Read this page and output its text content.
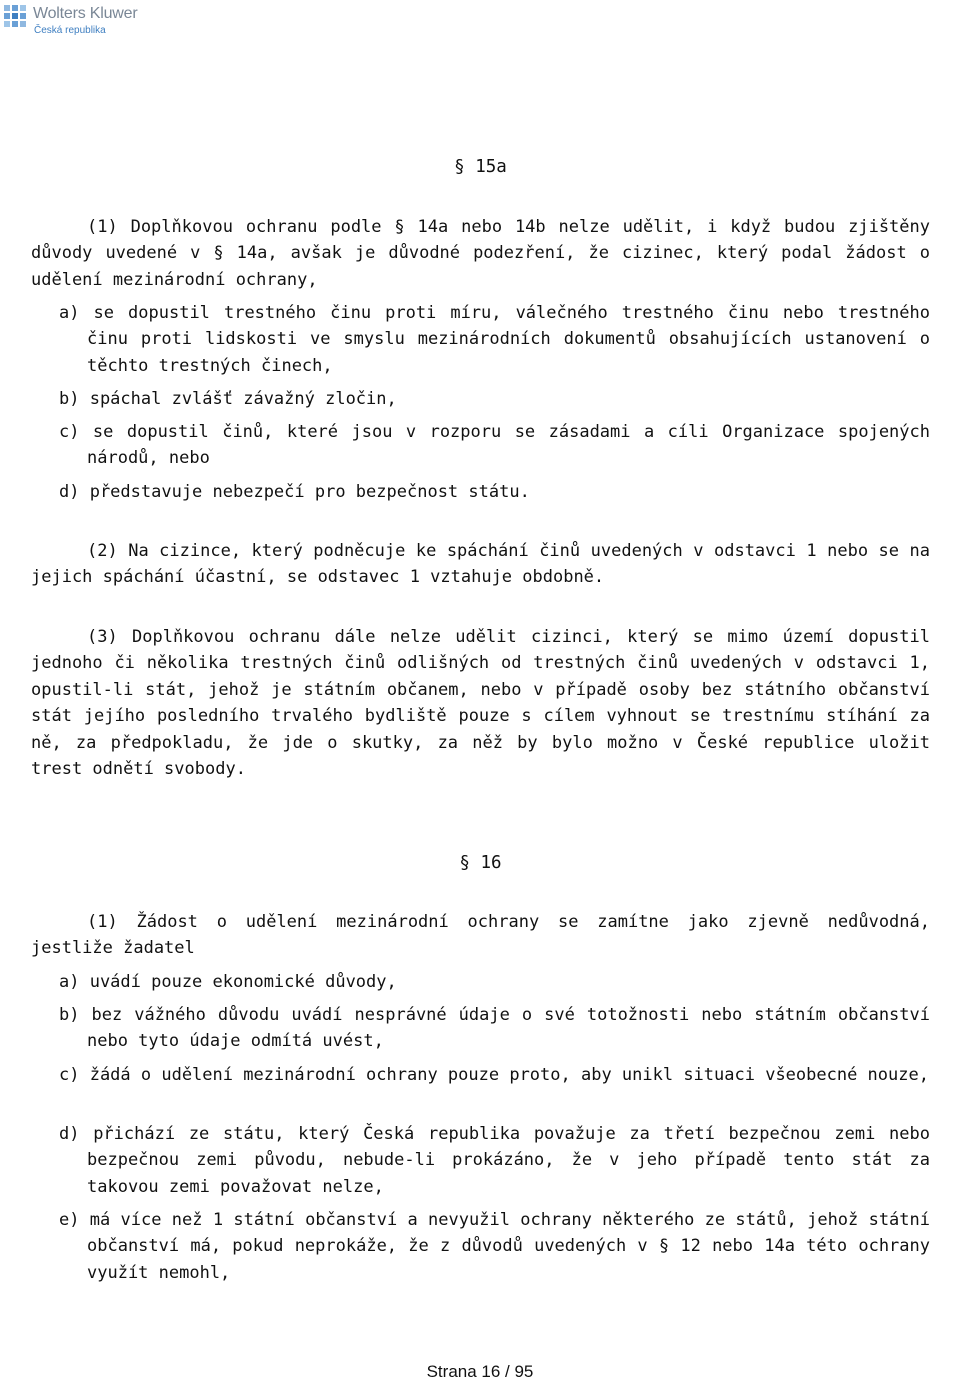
Wolters Kluwer
Česká republika
§ 15a

(1) Doplňkovou ochranu podle § 14a nebo 14b nelze udělit, i když budou zjištěny důvody uvedené v § 14a, avšak je důvodné podezření, že cizinec, který podal žádost o udělení mezinárodní ochrany,

a) se dopustil trestného činu proti míru, válečného trestného činu nebo trestného činu proti lidskosti ve smyslu mezinárodních dokumentů obsahujících ustanovení o těchto trestných činech,

b) spáchal zvlášť závažný zločin,

c) se dopustil činů, které jsou v rozporu se zásadami a cíli Organizace spojených národů, nebo

d) představuje nebezpečí pro bezpečnost státu.

(2) Na cizince, který podněcuje ke spáchání činů uvedených v odstavci 1 nebo se na jejich spáchání účastní, se odstavec 1 vztahuje obdobně.

(3) Doplňkovou ochranu dále nelze udělit cizinci, který se mimo území dopustil jednoho či několika trestných činů odlišných od trestných činů uvedených v odstavci 1, opustil-li stát, jehož je státním občanem, nebo v případě osoby bez státního občanství stát jejího posledního trvalého bydliště pouze s cílem vyhnout se trestnímu stíhání za ně, za předpokladu, že jde o skutky, za něž by bylo možno v České republice uložit trest odnětí svobody.

§ 16

(1) Žádost o udělení mezinárodní ochrany se zamítne jako zjevně nedůvodná, jestliže žadatel

a) uvádí pouze ekonomické důvody,

b) bez vážného důvodu uvádí nesprávné údaje o své totožnosti nebo státním občanství nebo tyto údaje odmítá uvést,

c) žádá o udělení mezinárodní ochrany pouze proto, aby unikl situaci všeobecné nouze,

d) přichází ze státu, který Česká republika považuje za třetí bezpečnou zemi nebo bezpečnou zemi původu, nebude-li prokázáno, že v jeho případě tento stát za takovou zemi považovat nelze,

e) má více než 1 státní občanství a nevyužil ochrany některého ze států, jehož státní občanství má, pokud neprokáže, že z důvodů uvedených v § 12 nebo 14a této ochrany využít nemohl,

Strana 16 / 95
